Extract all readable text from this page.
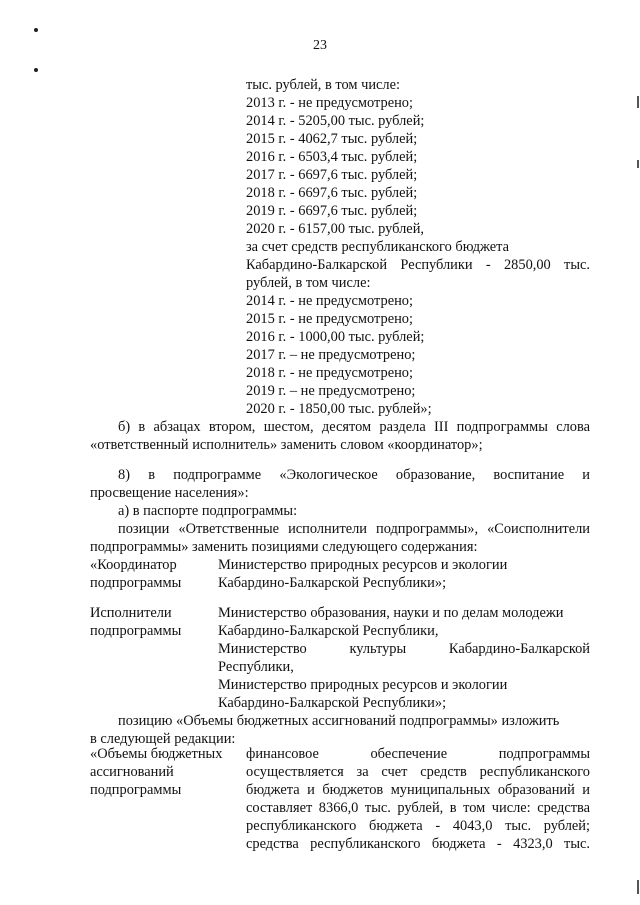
23
тыс. рублей, в том числе:
2013 г. - не предусмотрено;
2014 г. - 5205,00 тыс. рублей;
2015 г. - 4062,7 тыс. рублей;
2016 г. - 6503,4 тыс. рублей;
2017 г. - 6697,6 тыс. рублей;
2018 г. - 6697,6 тыс. рублей;
2019 г. - 6697,6 тыс. рублей;
2020 г. - 6157,00 тыс. рублей,
за счет средств республиканского бюджета
Кабардино-Балкарской Республики - 2850,00 тыс.
рублей, в том числе:
2014 г. - не предусмотрено;
2015 г. - не предусмотрено;
2016 г. - 1000,00 тыс. рублей;
2017 г. – не предусмотрено;
2018 г. - не предусмотрено;
2019 г. – не предусмотрено;
2020 г. - 1850,00 тыс. рублей»;
б) в абзацах втором, шестом, десятом раздела III подпрограммы слова
«ответственный исполнитель» заменить словом «координатор»;
8) в подпрограмме «Экологическое образование, воспитание и
просвещение населения»:
а) в паспорте подпрограммы:
позиции «Ответственные исполнители подпрограммы», «Соисполнители
подпрограммы» заменить позициями следующего содержания:
«Координатор
подпрограммы
Министерство природных ресурсов и экологии
Кабардино-Балкарской Республики»;
Исполнители
подпрограммы
Министерство образования, науки и по делам молодежи
Кабардино-Балкарской Республики,
Министерство культуры Кабардино-Балкарской
Республики,
Министерство природных ресурсов и экологии
Кабардино-Балкарской Республики»;
позицию «Объемы бюджетных ассигнований подпрограммы» изложить
в следующей редакции:
«Объемы бюджетных
ассигнований
подпрограммы
финансовое обеспечение подпрограммы
осуществляется за счет средств республиканского
бюджета и бюджетов муниципальных образований и
составляет 8366,0 тыс. рублей, в том числе: средства
республиканского бюджета - 4043,0 тыс. рублей;
средства республиканского бюджета - 4323,0 тыс.
